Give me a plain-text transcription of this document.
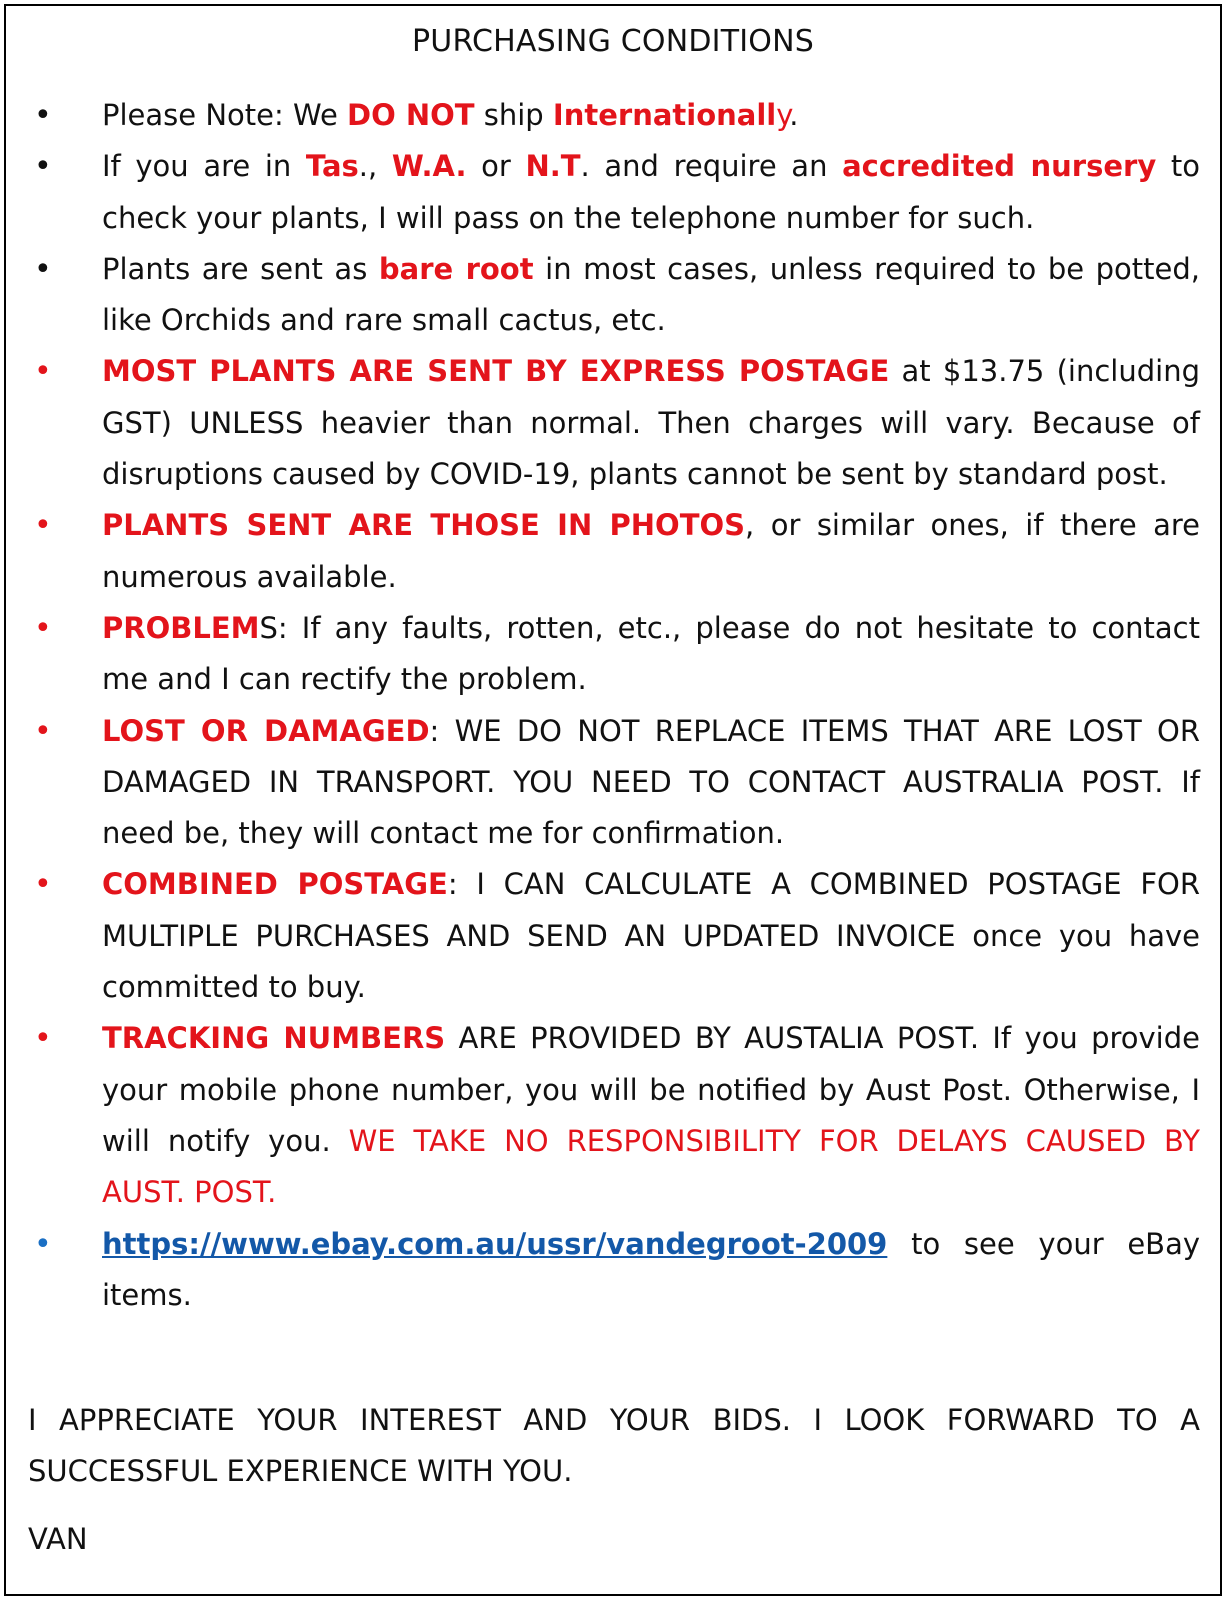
PURCHASING CONDITIONS
• Please Note: We DO NOT ship Internationally.
• If you are in Tas., W.A. or N.T. and require an accredited nursery to check your plants, I will pass on the telephone number for such.
• Plants are sent as bare root in most cases, unless required to be potted, like Orchids and rare small cactus, etc.
• MOST PLANTS ARE SENT BY EXPRESS POSTAGE at $13.75 (including GST) UNLESS heavier than normal. Then charges will vary. Because of disruptions caused by COVID-19, plants cannot be sent by standard post.
• PLANTS SENT ARE THOSE IN PHOTOS, or similar ones, if there are numerous available.
• PROBLEMS: If any faults, rotten, etc., please do not hesitate to contact me and I can rectify the problem.
• LOST OR DAMAGED: WE DO NOT REPLACE ITEMS THAT ARE LOST OR DAMAGED IN TRANSPORT. YOU NEED TO CONTACT AUSTRALIA POST. If need be, they will contact me for confirmation.
• COMBINED POSTAGE: I CAN CALCULATE A COMBINED POSTAGE FOR MULTIPLE PURCHASES AND SEND AN UPDATED INVOICE once you have committed to buy.
• TRACKING NUMBERS ARE PROVIDED BY AUSTALIA POST. If you provide your mobile phone number, you will be notified by Aust Post. Otherwise, I will notify you. WE TAKE NO RESPONSIBILITY FOR DELAYS CAUSED BY AUST. POST.
• https://www.ebay.com.au/ussr/vandegroot-2009 to see your eBay items.

I APPRECIATE YOUR INTEREST AND YOUR BIDS. I LOOK FORWARD TO A SUCCESSFUL EXPERIENCE WITH YOU.

VAN
